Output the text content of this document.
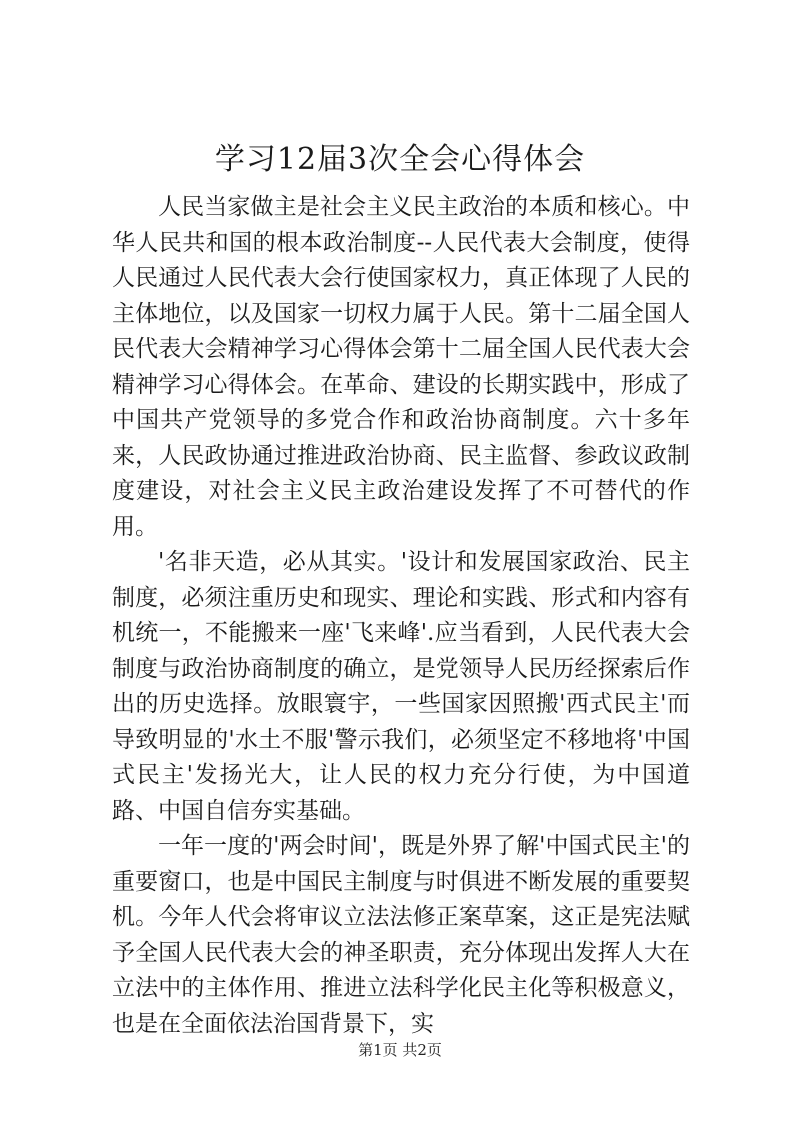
学习12届3次全会心得体会

人民当家做主是社会主义民主政治的本质和核心。中华人民共和国的根本政治制度--人民代表大会制度，使得人民通过人民代表大会行使国家权力，真正体现了人民的主体地位，以及国家一切权力属于人民。第十二届全国人民代表大会精神学习心得体会第十二届全国人民代表大会精神学习心得体会。在革命、建设的长期实践中，形成了中国共产党领导的多党合作和政治协商制度。六十多年来，人民政协通过推进政治协商、民主监督、参政议政制度建设，对社会主义民主政治建设发挥了不可替代的作用。

'名非天造，必从其实。'设计和发展国家政治、民主制度，必须注重历史和现实、理论和实践、形式和内容有机统一，不能搬来一座'飞来峰'.应当看到，人民代表大会制度与政治协商制度的确立，是党领导人民历经探索后作出的历史选择。放眼寰宇，一些国家因照搬'西式民主'而导致明显的'水土不服'警示我们，必须坚定不移地将'中国式民主'发扬光大，让人民的权力充分行使，为中国道路、中国自信夯实基础。

一年一度的'两会时间'，既是外界了解'中国式民主'的重要窗口，也是中国民主制度与时俱进不断发展的重要契机。今年人代会将审议立法法修正案草案，这正是宪法赋予全国人民代表大会的神圣职责，充分体现出发挥人大在立法中的主体作用、推进立法科学化民主化等积极意义，也是在全面依法治国背景下，实

第1页 共2页
